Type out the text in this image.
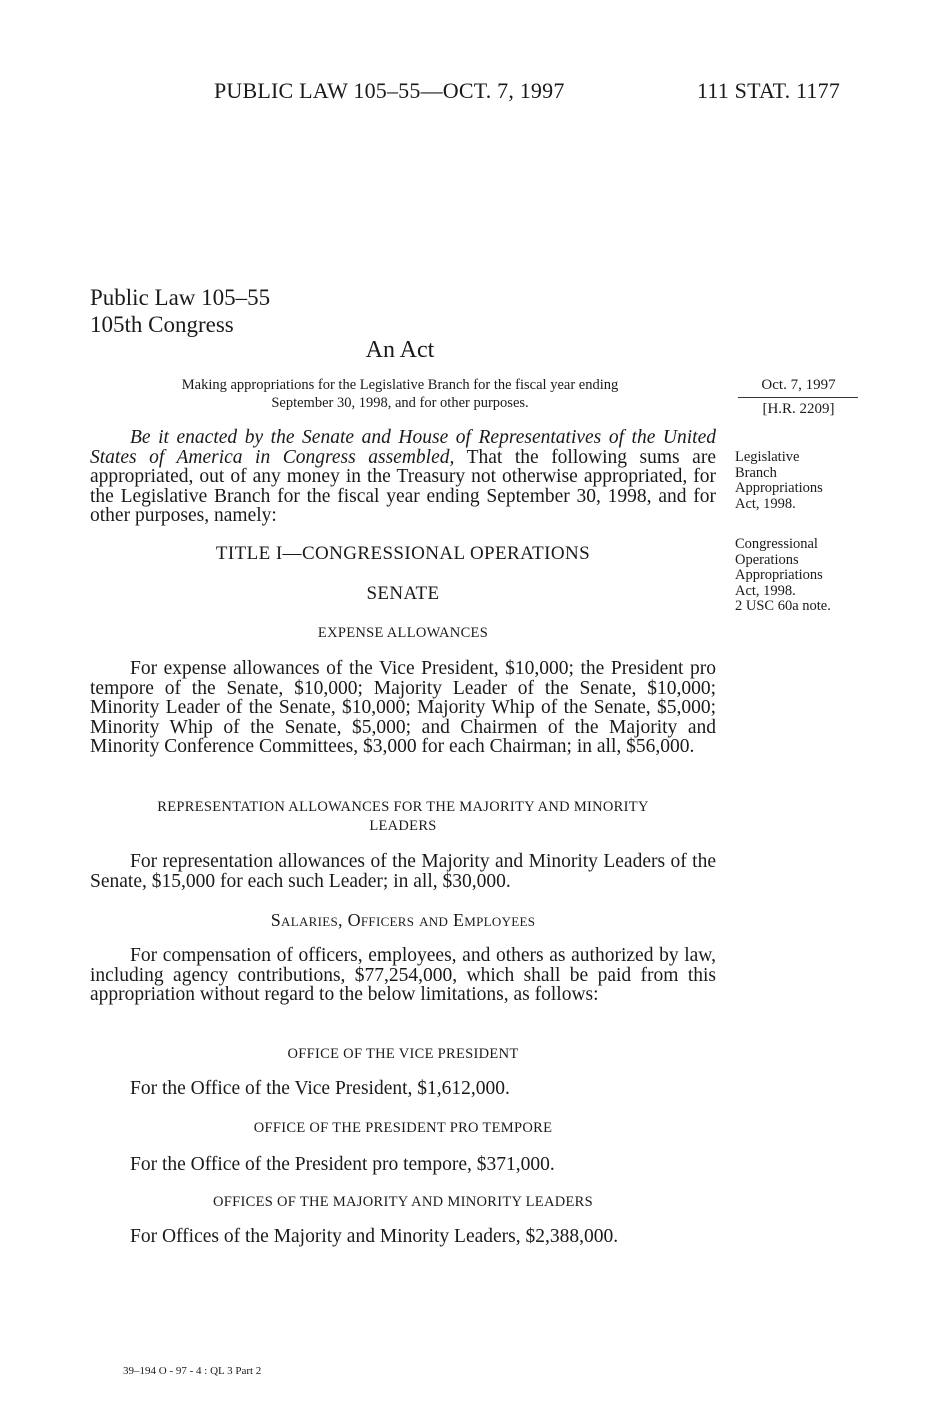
PUBLIC LAW 105–55—OCT. 7, 1997	111 STAT. 1177
Public Law 105–55
105th Congress
An Act
Making appropriations for the Legislative Branch for the fiscal year ending
September 30, 1998, and for other purposes.
Oct. 7, 1997
[H.R. 2209]
Legislative
Branch
Appropriations
Act, 1998.
Congressional
Operations
Appropriations
Act, 1998.
2 USC 60a note.
Be it enacted by the Senate and House of Representatives of the United States of America in Congress assembled, That the following sums are appropriated, out of any money in the Treasury not otherwise appropriated, for the Legislative Branch for the fiscal year ending September 30, 1998, and for other purposes, namely:
TITLE I—CONGRESSIONAL OPERATIONS
SENATE
EXPENSE ALLOWANCES
For expense allowances of the Vice President, $10,000; the President pro tempore of the Senate, $10,000; Majority Leader of the Senate, $10,000; Minority Leader of the Senate, $10,000; Majority Whip of the Senate, $5,000; Minority Whip of the Senate, $5,000; and Chairmen of the Majority and Minority Conference Committees, $3,000 for each Chairman; in all, $56,000.
REPRESENTATION ALLOWANCES FOR THE MAJORITY AND MINORITY
LEADERS
For representation allowances of the Majority and Minority Leaders of the Senate, $15,000 for each such Leader; in all, $30,000.
Salaries, Officers and Employees
For compensation of officers, employees, and others as authorized by law, including agency contributions, $77,254,000, which shall be paid from this appropriation without regard to the below limitations, as follows:
OFFICE OF THE VICE PRESIDENT
For the Office of the Vice President, $1,612,000.
OFFICE OF THE PRESIDENT PRO TEMPORE
For the Office of the President pro tempore, $371,000.
OFFICES OF THE MAJORITY AND MINORITY LEADERS
For Offices of the Majority and Minority Leaders, $2,388,000.
39–194 O - 97 - 4 : QL 3 Part 2
